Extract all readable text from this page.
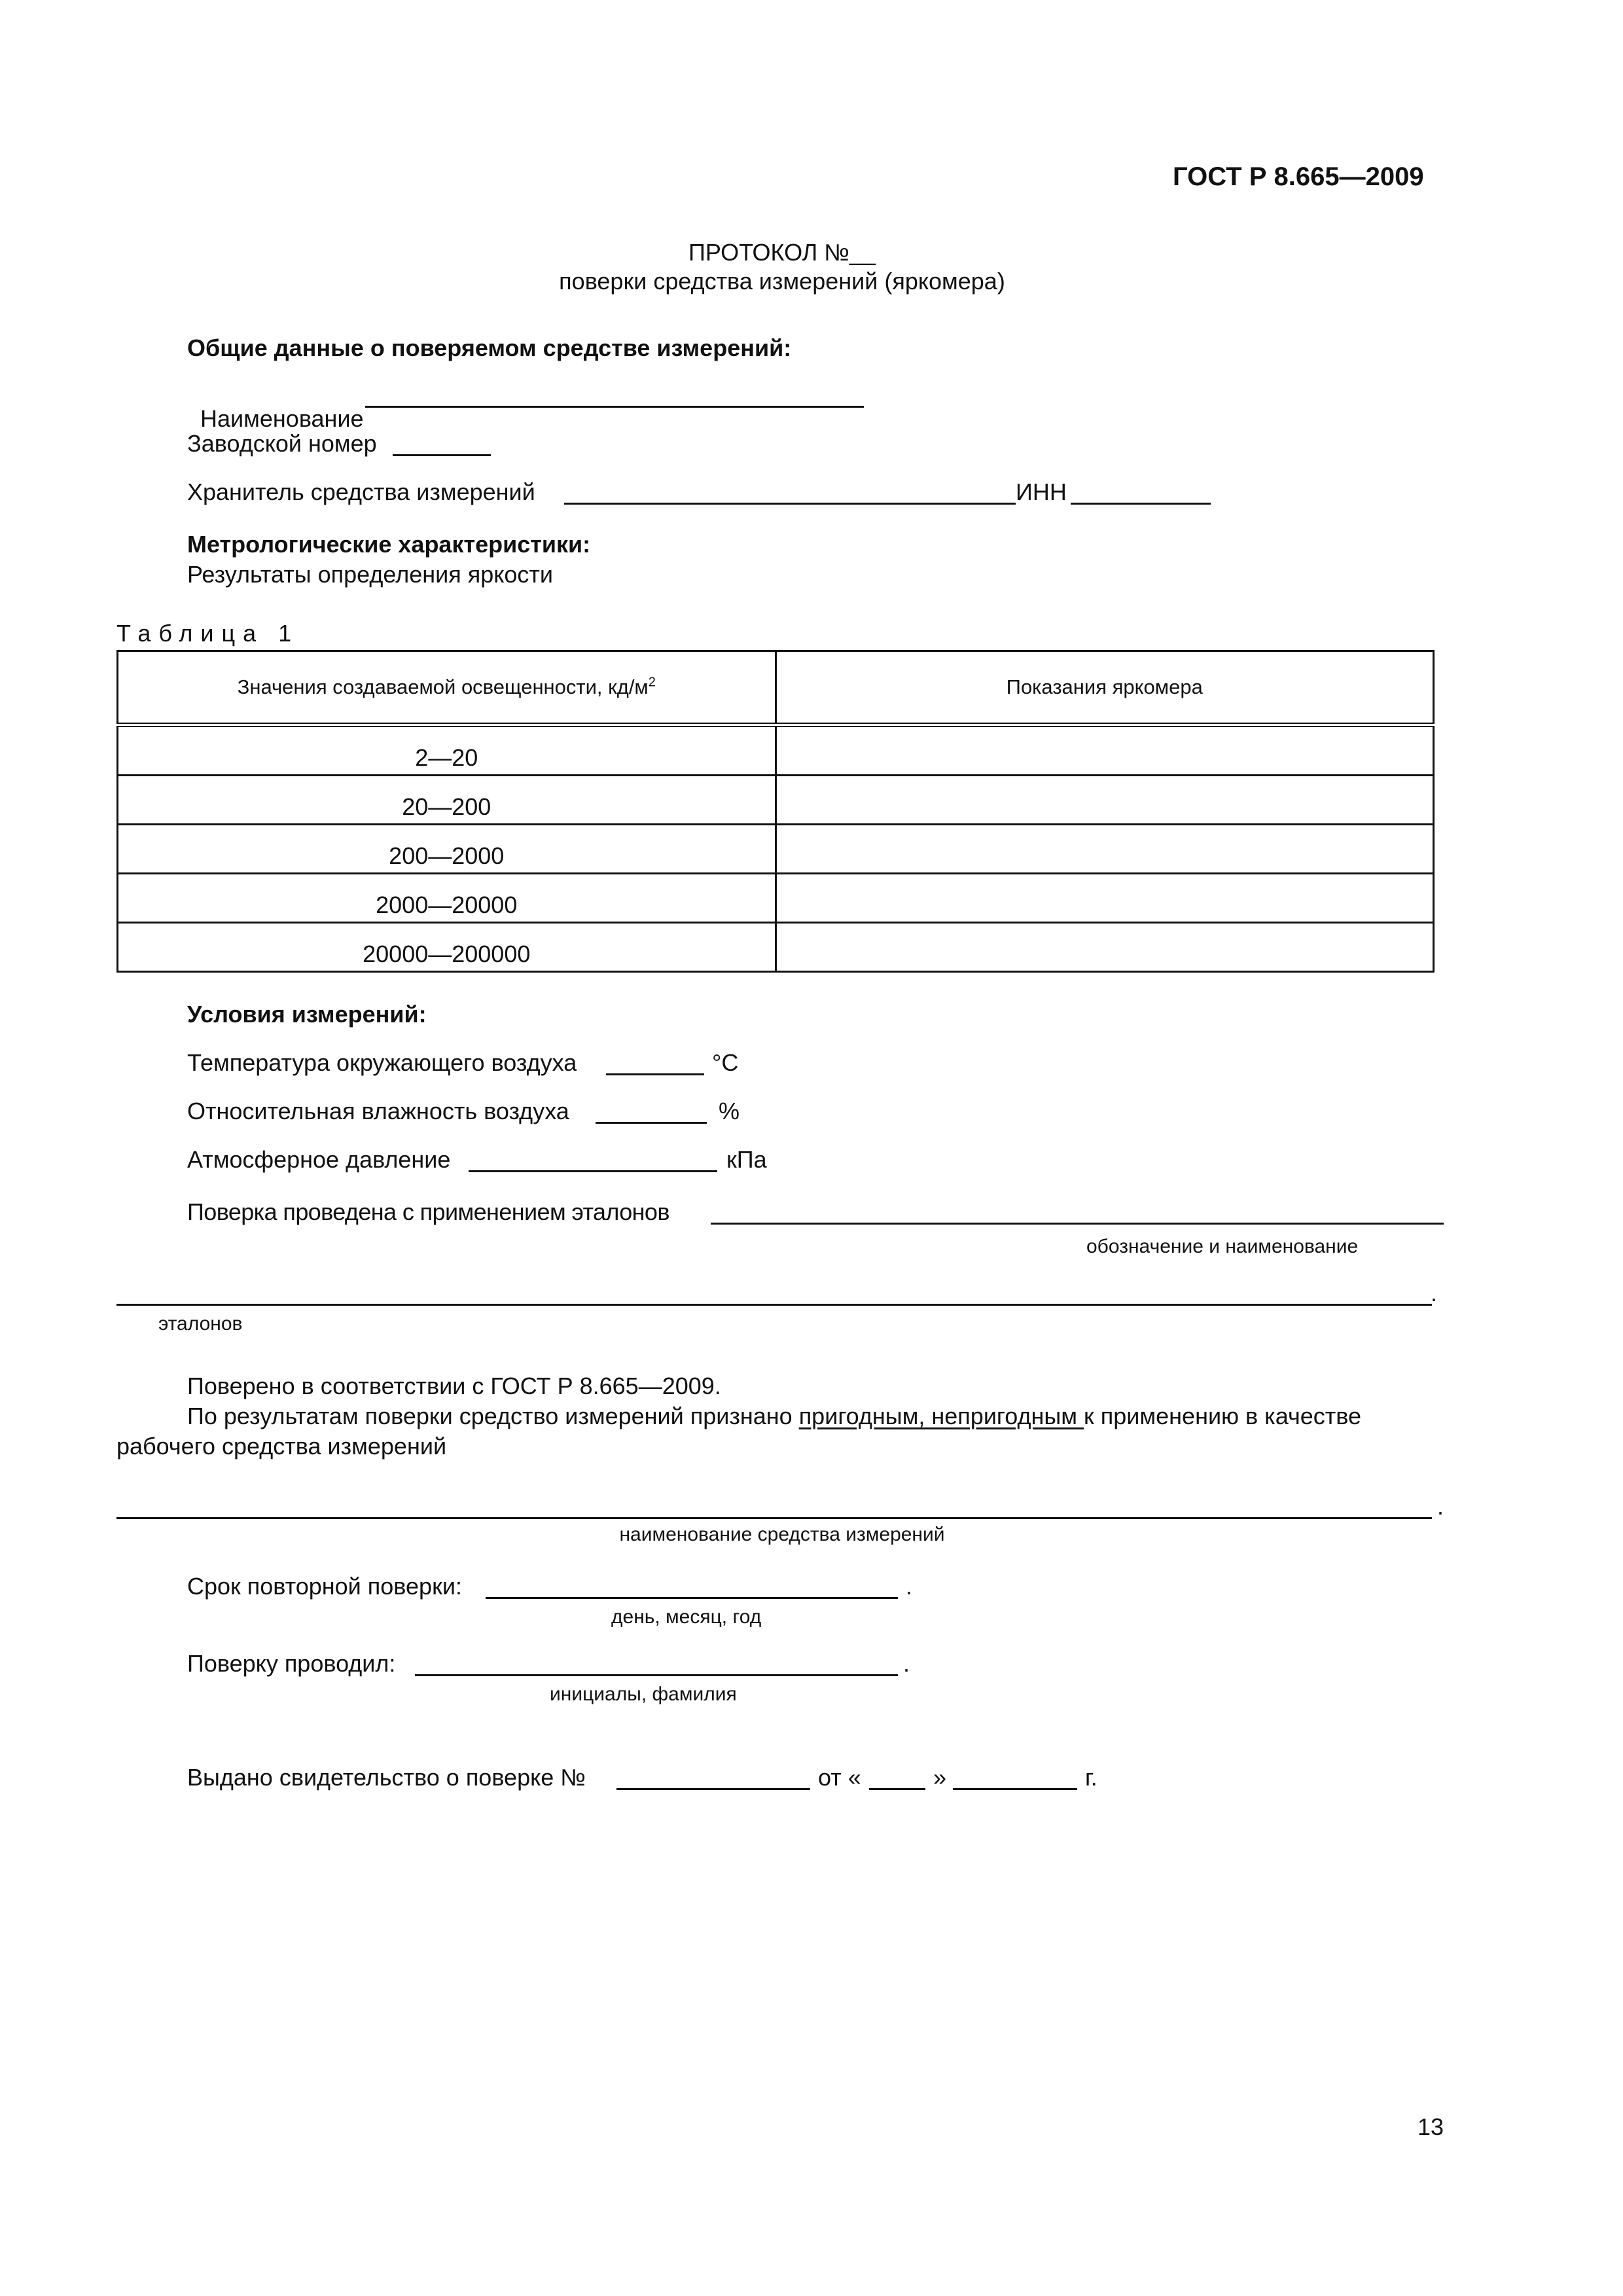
ГОСТ Р 8.665—2009
ПРОТОКОЛ №__
поверки средства измерений (яркомера)
Общие данные о поверяемом средстве измерений:

Наименование

Заводской номер
Хранитель средства измерений	ИНН
Метрологические характеристики:
Результаты определения яркости
Таблица 1
Значения создаваемой освещенности, $кд/м^2$	Показания яркомера
2—20	
20—200	
200—2000	
2000—20000	
20000—200000	
Условия измерений:
Температура окружающего воздуха	°С
Относительная влажность воздуха	%
Атмосферное давление	кПа
Поверка проведена с применением эталонов
обозначение и наименование
.
эталонов
Поверено в соответствии с ГОСТ Р 8.665—2009.
По результатам поверки средство измерений признано пригодным, непригодным к применению в качестве
рабочего средства измерений
.
наименование средства измерений
Срок повторной поверки:	.
день, месяц, год
Поверку проводил:	.
инициалы, фамилия
Выдано свидетельство о поверке №	от «	»	г.
13
